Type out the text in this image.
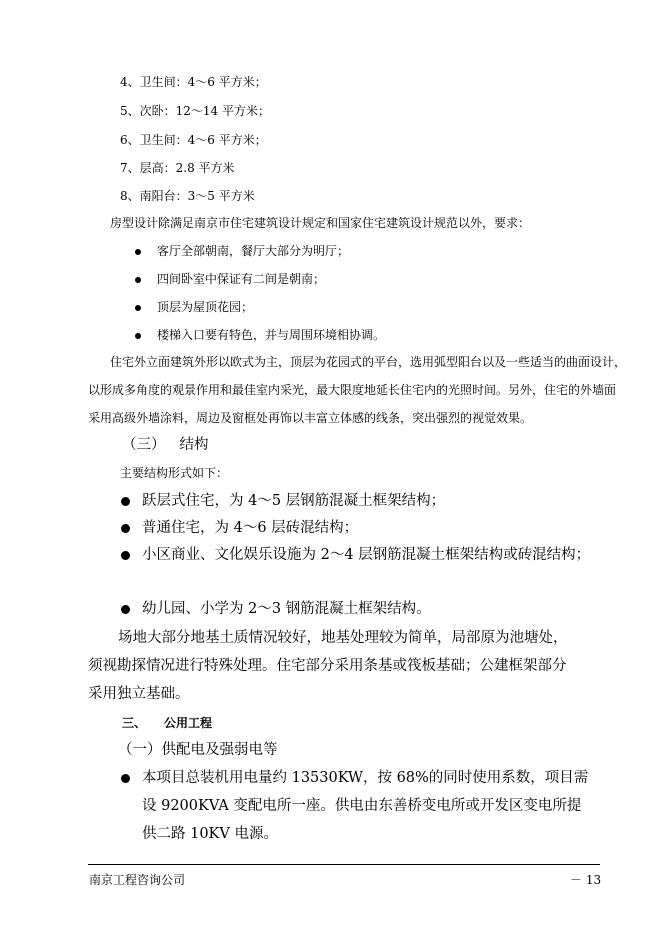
4、卫生间：4～6 平方米；
5、次卧：12～14 平方米；
6、卫生间：4～6 平方米；
7、层高：2.8 平方米
8、南阳台：3～5 平方米
房型设计除满足南京市住宅建筑设计规定和国家住宅建筑设计规范以外，要求：
客厅全部朝南，餐厅大部分为明厅；
四间卧室中保证有二间是朝南；
顶层为屋顶花园；
楼梯入口要有特色，并与周围环境相协调。
住宅外立面建筑外形以欧式为主，顶层为花园式的平台，选用弧型阳台以及一些适当的曲面设计，
以形成多角度的观景作用和最佳室内采光，最大限度地延长住宅内的光照时间。另外，住宅的外墙面
采用高级外墙涂料，周边及窗框处再饰以丰富立体感的线条，突出强烈的视觉效果。
（三） 结构
主要结构形式如下：
跃层式住宅，为 4～5 层钢筋混凝土框架结构；
普通住宅，为 4～6 层砖混结构；
小区商业、文化娱乐设施为 2～4 层钢筋混凝土框架结构或砖混结构；
幼儿园、小学为 2～3 钢筋混凝土框架结构。
场地大部分地基土质情况较好，地基处理较为简单，局部原为池塘处，
须视勘探情况进行特殊处理。住宅部分采用条基或筏板基础；公建框架部分
采用独立基础。
三、 公用工程
（一）供配电及强弱电等
本项目总装机用电量约 13530KW，按 68%的同时使用系数，项目需
设 9200KVA 变配电所一座。供电由东善桥变电所或开发区变电所提
供二路 10KV 电源。
南京工程咨询公司	－ 13
